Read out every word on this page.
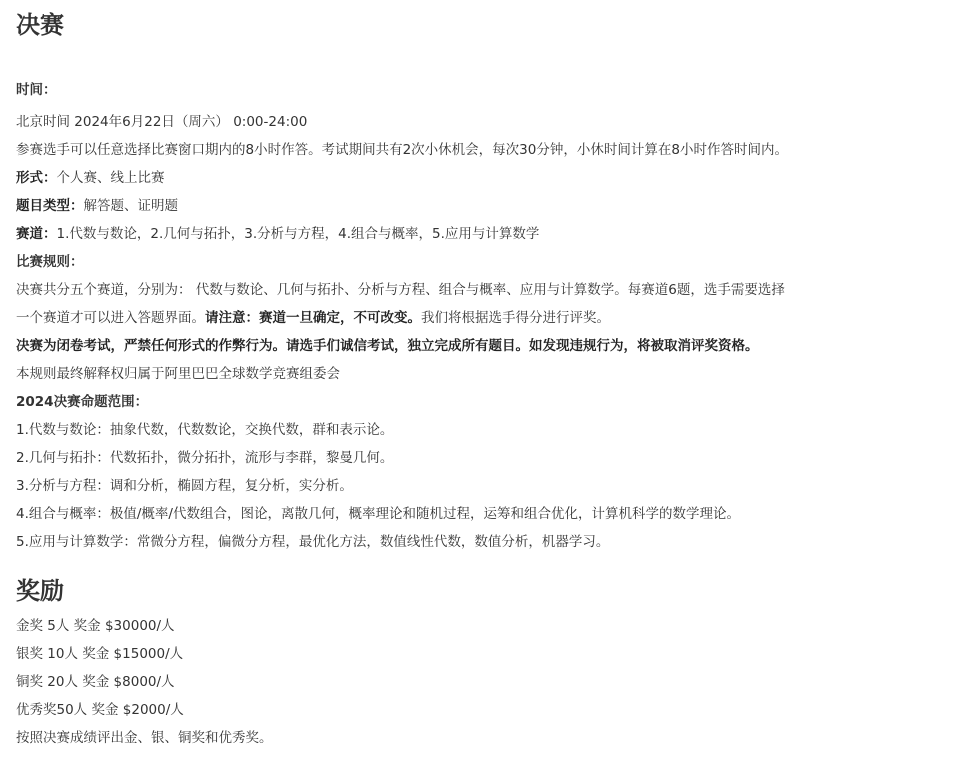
决赛

时间：

北京时间 2024年6月22日（周六） 0:00-24:00

参赛选手可以任意选择比赛窗口期内的8小时作答。考试期间共有2次小休机会，每次30分钟，小休时间计算在8小时作答时间内。

形式：个人赛、线上比赛

题目类型：解答题、证明题

赛道：1.代数与数论，2.几何与拓扑，3.分析与方程，4.组合与概率，5.应用与计算数学

比赛规则：

决赛共分五个赛道，分别为： 代数与数论、几何与拓扑、分析与方程、组合与概率、应用与计算数学。每赛道6题，选手需要选择

一个赛道才可以进入答题界面。请注意：赛道一旦确定，不可改变。我们将根据选手得分进行评奖。

决赛为闭卷考试，严禁任何形式的作弊行为。请选手们诚信考试，独立完成所有题目。如发现违规行为，将被取消评奖资格。

本规则最终解释权归属于阿里巴巴全球数学竞赛组委会

2024决赛命题范围：

1.代数与数论：抽象代数，代数数论，交换代数，群和表示论。

2.几何与拓扑：代数拓扑，微分拓扑，流形与李群，黎曼几何。

3.分析与方程：调和分析，椭圆方程，复分析，实分析。

4.组合与概率：极值/概率/代数组合，图论，离散几何，概率理论和随机过程，运筹和组合优化，计算机科学的数学理论。

5.应用与计算数学：常微分方程，偏微分方程，最优化方法，数值线性代数，数值分析，机器学习。

奖励

金奖 5人 奖金 $30000/人

银奖 10人 奖金 $15000/人

铜奖 20人 奖金 $8000/人

优秀奖50人 奖金 $2000/人

按照决赛成绩评出金、银、铜奖和优秀奖。
